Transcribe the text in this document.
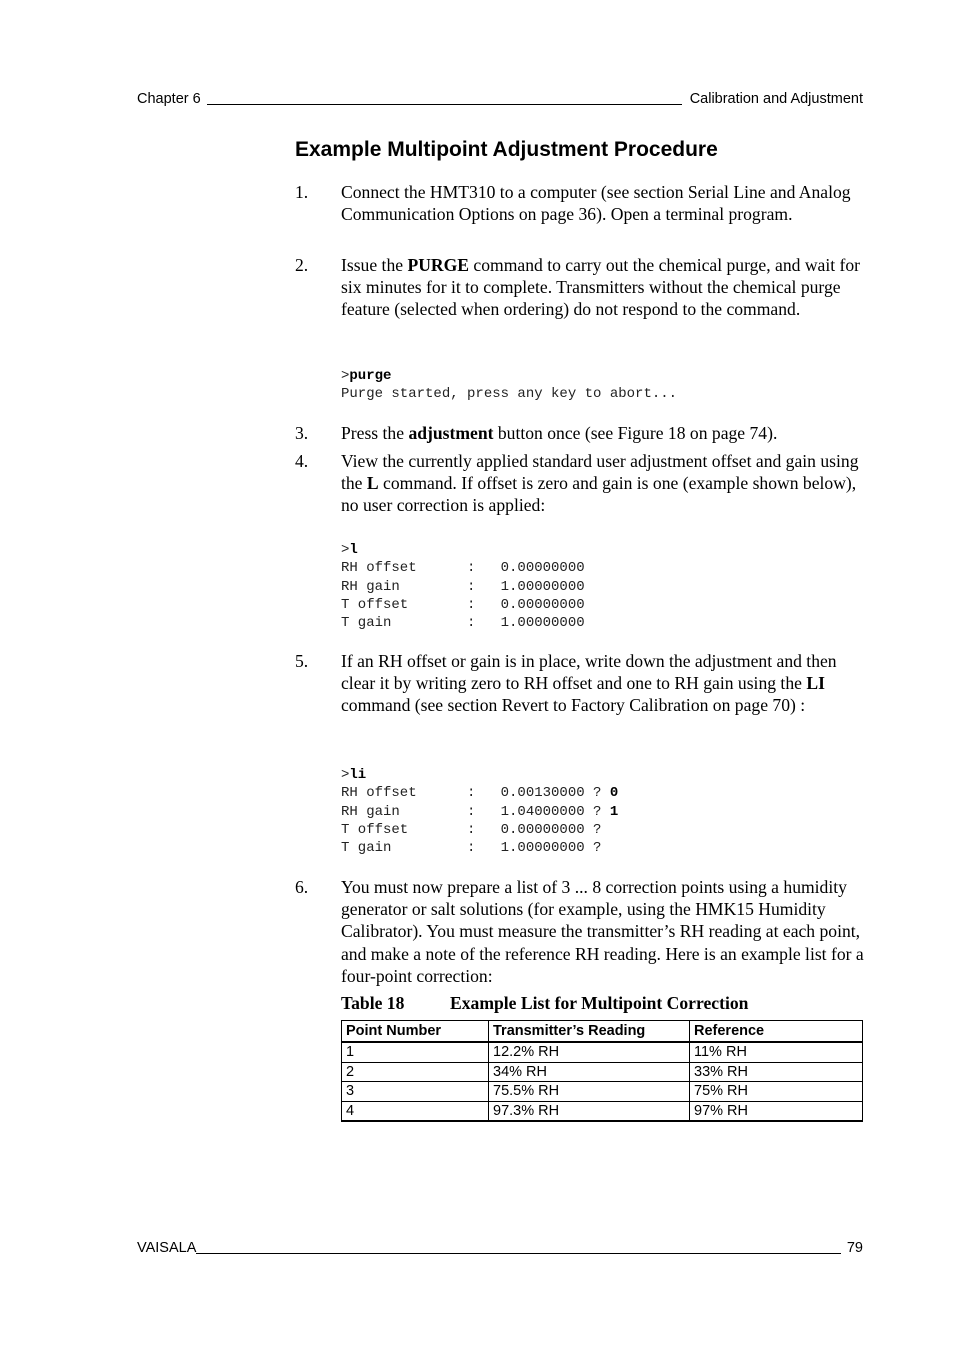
Chapter 6	Calibration and Adjustment
Example Multipoint Adjustment Procedure
1. Connect the HMT310 to a computer (see section Serial Line and Analog Communication Options on page 36). Open a terminal program.
2. Issue the PURGE command to carry out the chemical purge, and wait for six minutes for it to complete. Transmitters without the chemical purge feature (selected when ordering) do not respond to the command.
>purge
Purge started, press any key to abort...
3. Press the adjustment button once (see Figure 18 on page 74).
4. View the currently applied standard user adjustment offset and gain using the L command. If offset is zero and gain is one (example shown below), no user correction is applied:
>l
RH offset      :   0.00000000
RH gain        :   1.00000000
T offset       :   0.00000000
T gain         :   1.00000000
5. If an RH offset or gain is in place, write down the adjustment and then clear it by writing zero to RH offset and one to RH gain using the LI command (see section Revert to Factory Calibration on page 70) :
>li
RH offset      :   0.00130000 ? 0
RH gain        :   1.04000000 ? 1
T offset       :   0.00000000 ?
T gain         :   1.00000000 ?
6. You must now prepare a list of 3 ... 8 correction points using a humidity generator or salt solutions (for example, using the HMK15 Humidity Calibrator). You must measure the transmitter’s RH reading at each point, and make a note of the reference RH reading. Here is an example list for a four-point correction:
Table 18	Example List for Multipoint Correction
Point Number	Transmitter’s Reading	Reference
1	12.2% RH	11% RH
2	34% RH	33% RH
3	75.5% RH	75% RH
4	97.3% RH	97% RH
VAISALA	79
